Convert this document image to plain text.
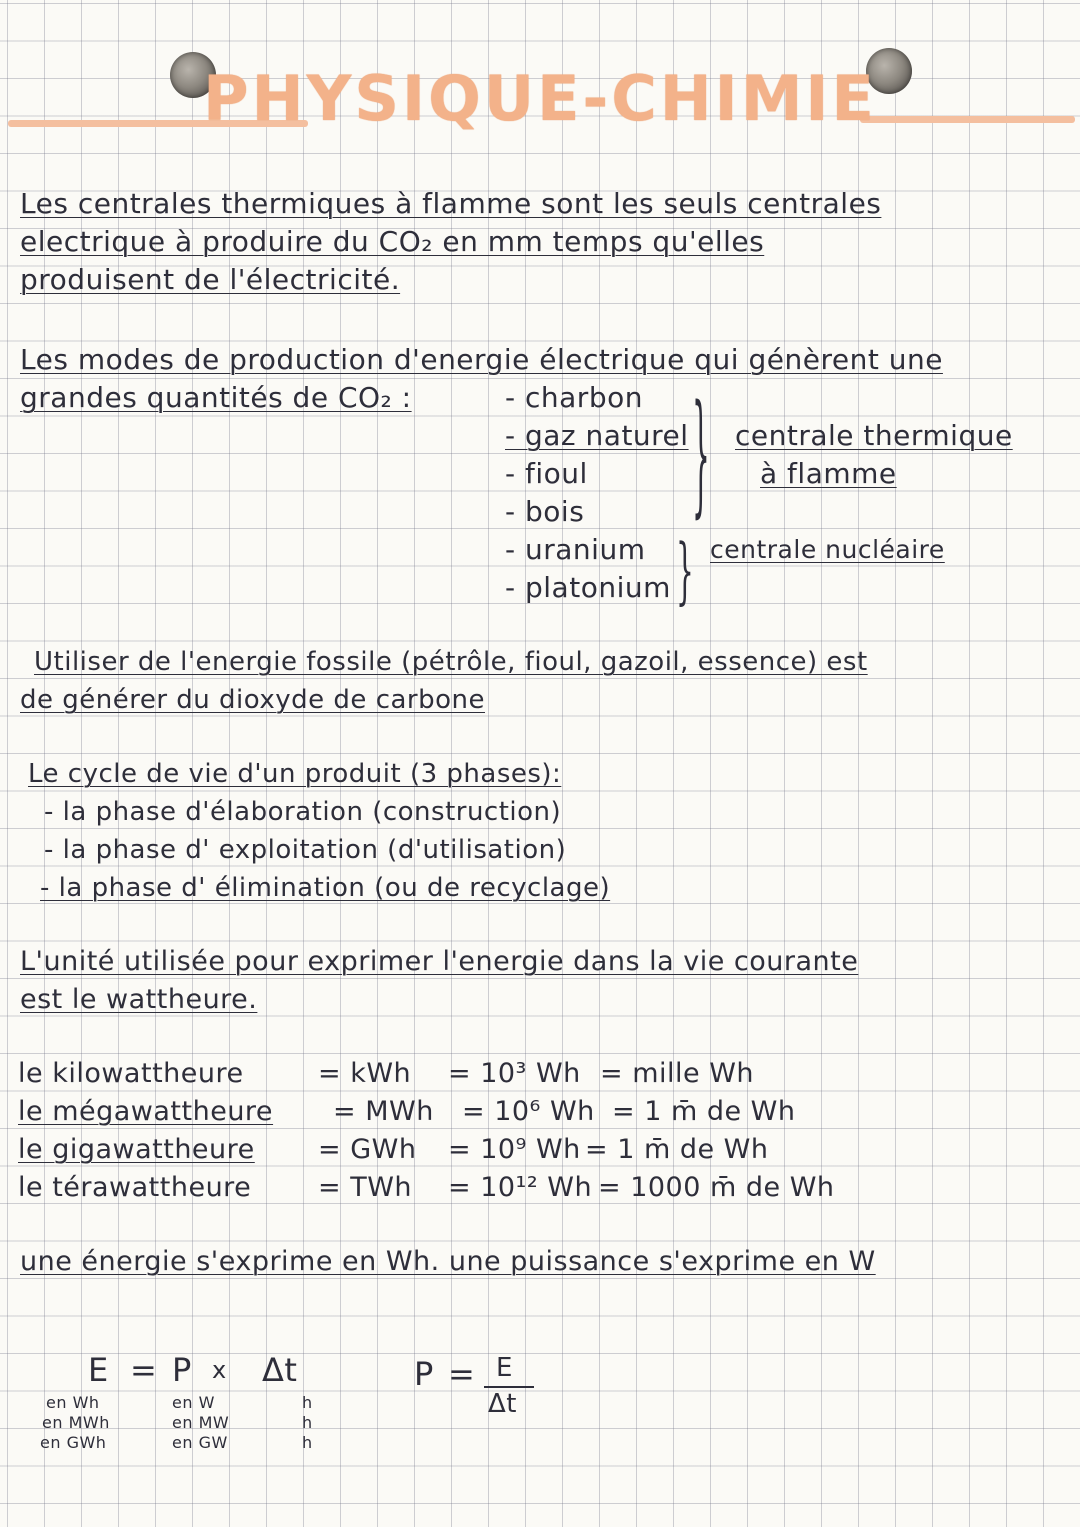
PHYSIQUE-CHIMIE
Les centrales thermiques à flamme sont les seuls centrales
electrique à produire du CO₂ en mm temps qu'elles
produisent de l'électricité.
Les modes de production d'energie électrique qui génèrent une
grandes quantités de CO₂ :	- charbon
- gaz naturel
- fioul
- bois
- uranium
- platonium
}
}
centrale thermique
à flamme
centrale nucléaire
Utiliser de l'energie fossile (pétrôle, fioul, gazoil, essence) est
de générer du dioxyde de carbone
Le cycle de vie d'un produit (3 phases):
- la phase d'élaboration (construction)
- la phase d' exploitation (d'utilisation)
- la phase d' élimination (ou de recyclage)
L'unité utilisée pour exprimer l'energie dans la vie courante
est le wattheure.
le kilowattheure	= kWh = 10³ Wh = mille Wh
le mégawattheure = MWh = 10⁶ Wh = 1 m̄ de Wh
le gigawattheure = GWh = 10⁹ Wh = 1 m̄̄ de Wh
le térawattheure = TWh = 10¹² Wh = 1000 m̄̄ de Wh
une énergie s'exprime en Wh. une puissance s'exprime en W
E = P x Δt
en Wh
en MWh
en GWh
en W
en MW
en GW
h
h
h
P = E
Δt
